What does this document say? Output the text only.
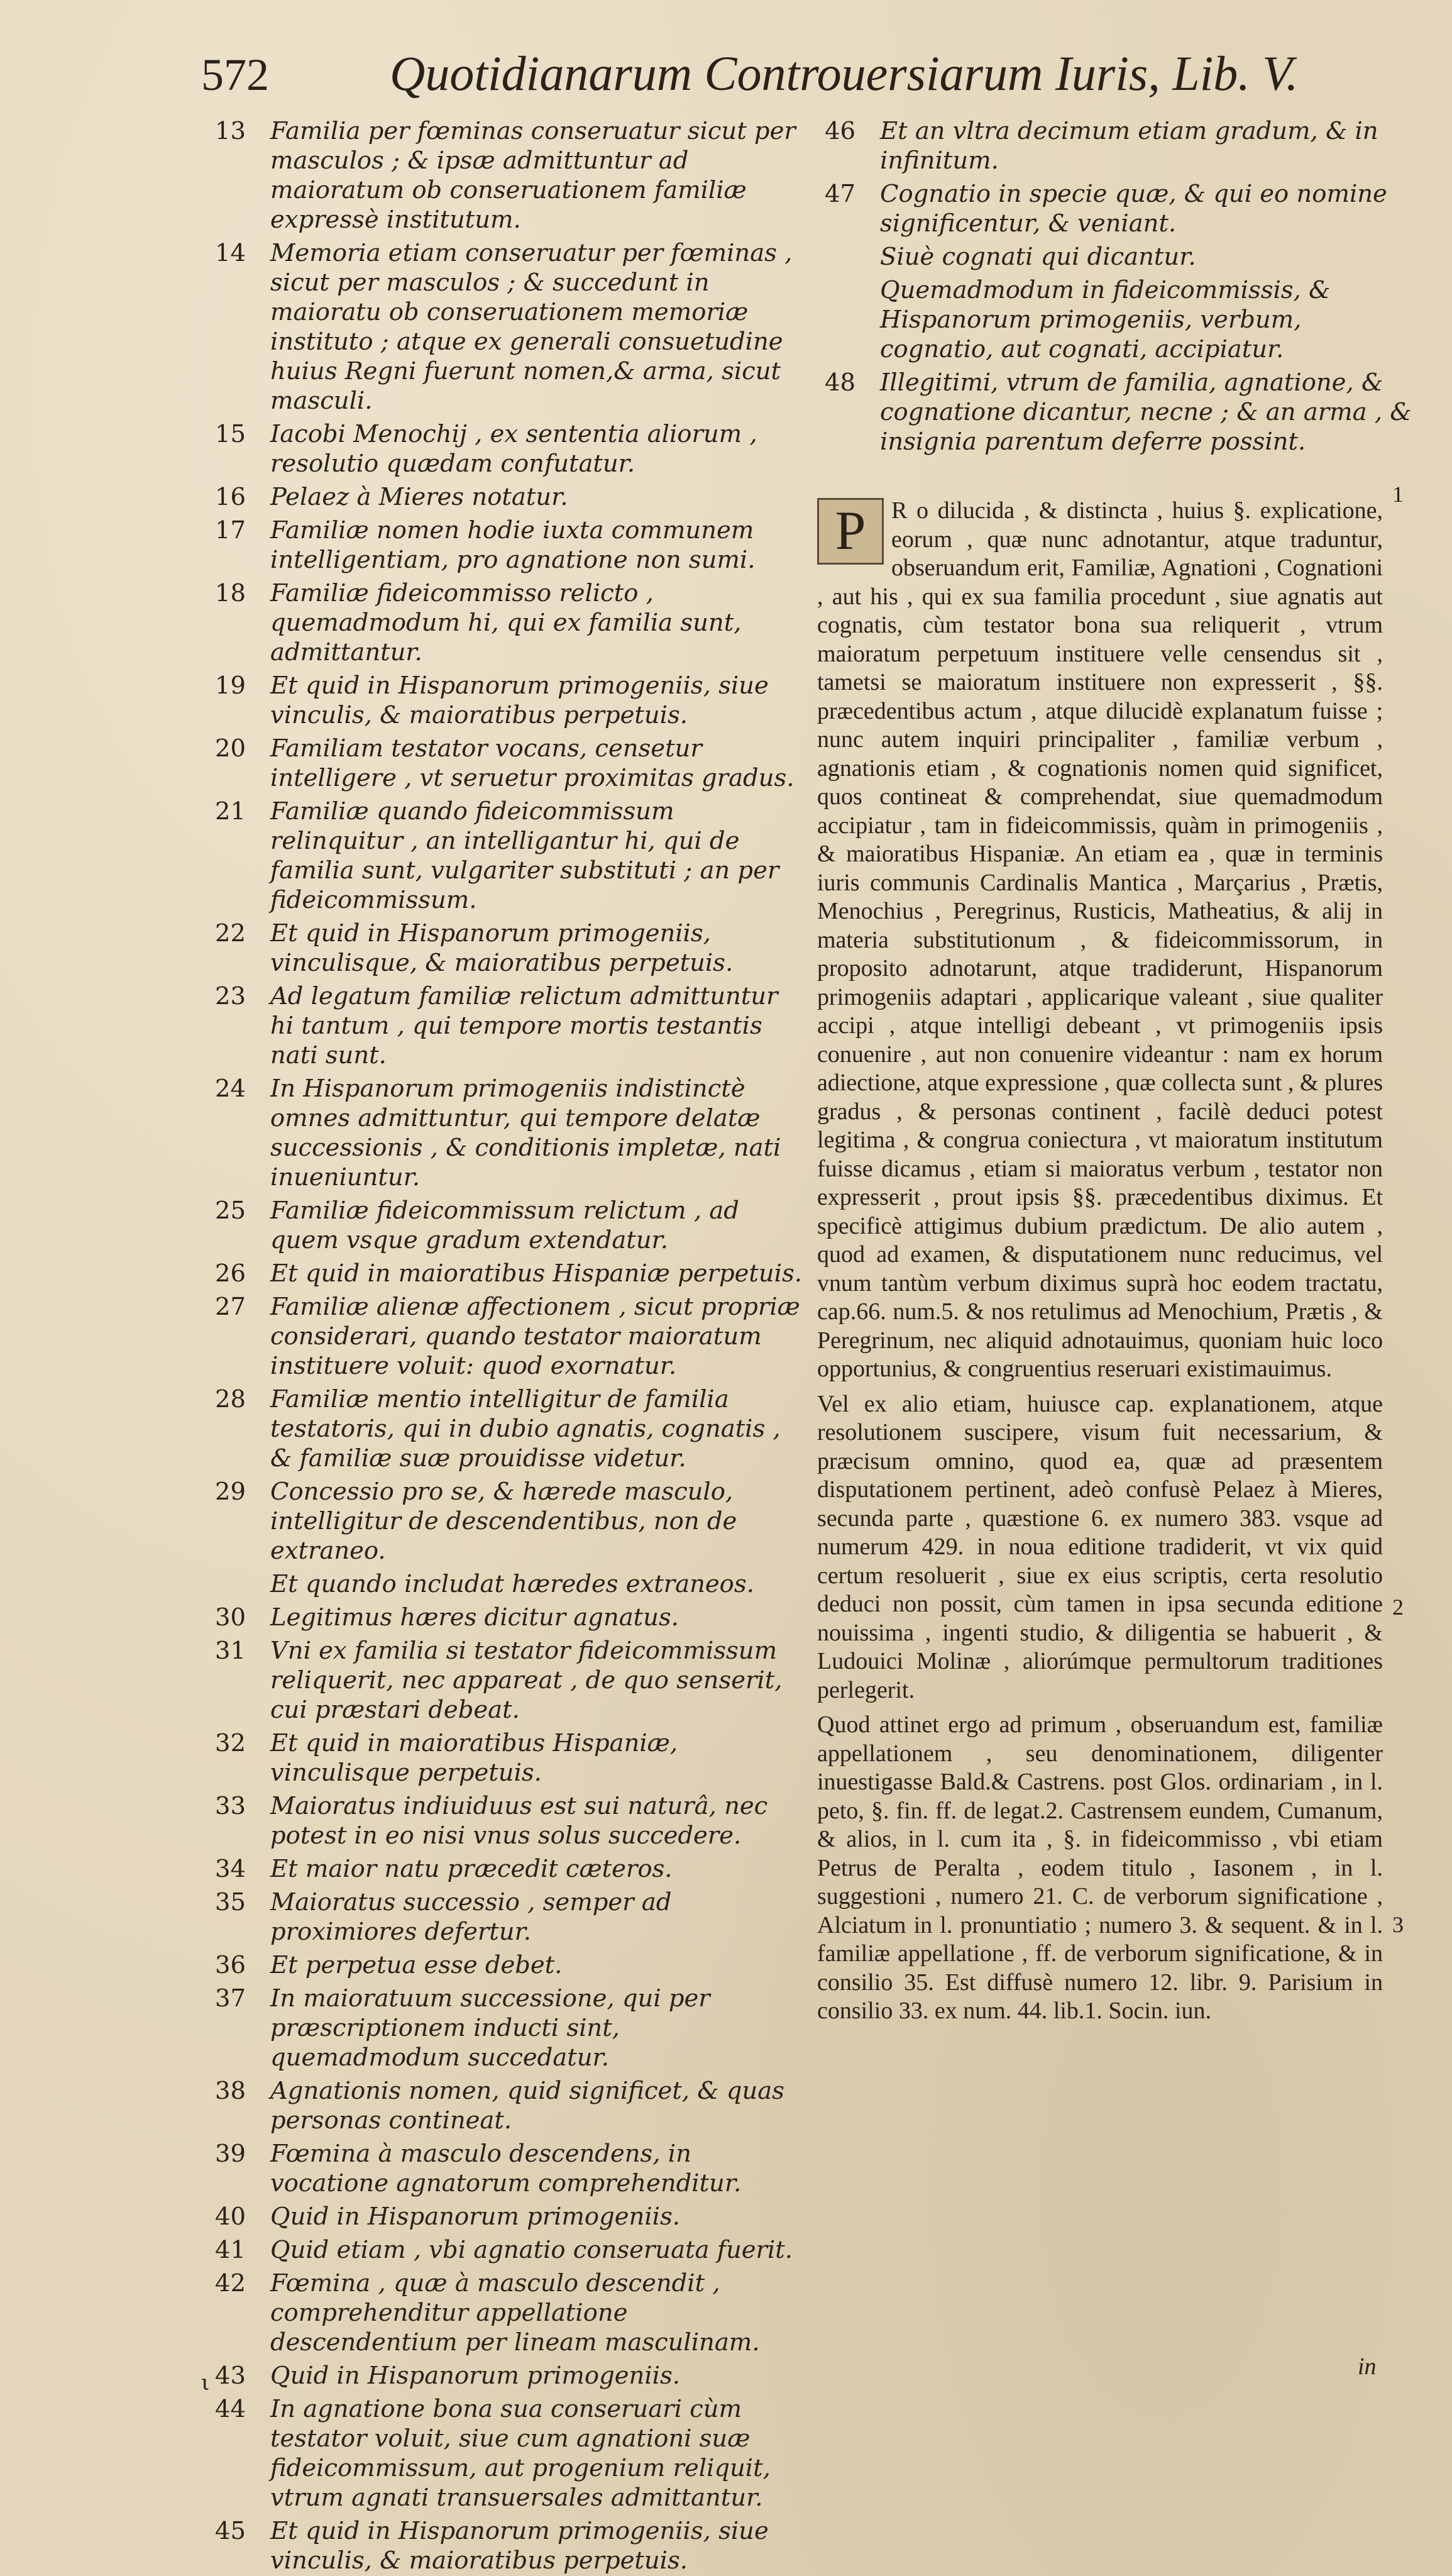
572 Quotidianarum Controuersiarum Iuris, Lib. V.
13 Familia per fœminas conseruatur sicut per masculos ; & ipsæ admittuntur ad maioratum ob conseruationem familiæ expressè institutum.
14 Memoria etiam conseruatur per fœminas , sicut per masculos ; & succedunt in maioratu ob conseruationem memoriæ instituto ; atque ex generali consuetudine huius Regni fuerunt nomen,& arma, sicut masculi.
15 Iacobi Menochij , ex sententia aliorum , resolutio quædam confutatur.
16 Pelaez à Mieres notatur.
17 Familiæ nomen hodie iuxta communem intelligentiam, pro agnatione non sumi.
18 Familiæ fideicommisso relicto , quemadmodum hi, qui ex familia sunt, admittantur.
19 Et quid in Hispanorum primogeniis, siue vinculis, & maioratibus perpetuis.
20 Familiam testator vocans, censetur intelligere , vt seruetur proximitas gradus.
21 Familiæ quando fideicommissum relinquitur , an intelligantur hi, qui de familia sunt, vulgariter substituti ; an per fideicommissum.
22 Et quid in Hispanorum primogeniis, vinculisque, & maioratibus perpetuis.
23 Ad legatum familiæ relictum admittuntur hi tantum , qui tempore mortis testantis nati sunt.
24 In Hispanorum primogeniis indistinctè omnes admittuntur, qui tempore delatæ successionis , & conditionis impletæ, nati inueniuntur.
25 Familiæ fideicommissum relictum , ad quem vsque gradum extendatur.
26 Et quid in maioratibus Hispaniæ perpetuis.
27 Familiæ alienæ affectionem , sicut propriæ considerari, quando testator maioratum instituere voluit: quod exornatur.
28 Familiæ mentio intelligitur de familia testatoris, qui in dubio agnatis, cognatis , & familiæ suæ prouidisse videtur.
29 Concessio pro se, & hærede masculo, intelligitur de descendentibus, non de extraneo.
Et quando includat hæredes extraneos.
30 Legitimus hæres dicitur agnatus.
31 Vni ex familia si testator fideicommissum reliquerit, nec appareat , de quo senserit, cui præstari debeat.
32 Et quid in maioratibus Hispaniæ, vinculisque perpetuis.
33 Maioratus indiuiduus est sui naturâ, nec potest in eo nisi vnus solus succedere.
34 Et maior natu præcedit cæteros.
35 Maioratus successio , semper ad proximiores defertur.
36 Et perpetua esse debet.
37 In maioratuum successione, qui per præscriptionem inducti sint, quemadmodum succedatur.
38 Agnationis nomen, quid significet, & quas personas contineat.
39 Fœmina à masculo descendens, in vocatione agnatorum comprehenditur.
40 Quid in Hispanorum primogeniis.
41 Quid etiam , vbi agnatio conseruata fuerit.
42 Fœmina , quæ à masculo descendit , comprehenditur appellatione descendentium per lineam masculinam.
43 Quid in Hispanorum primogeniis.
44 In agnatione bona sua conseruari cùm testator voluit, siue cum agnationi suæ fideicommissum, aut progenium reliquit, vtrum agnati transuersales admittantur.
45 Et quid in Hispanorum primogeniis, siue vinculis, & maioratibus perpetuis.
46 Et an vltra decimum etiam gradum, & in infinitum.
47 Cognatio in specie quæ, & qui eo nomine significentur, & veniant.
Siuè cognati qui dicantur.
Quemadmodum in fideicommissis, & Hispanorum primogeniis, verbum, cognatio, aut cognati, accipiatur.
48 Illegitimi, vtrum de familia, agnatione, & cognatione dicantur, necne ; & an arma , & insignia parentum deferre possint.

P	R o dilucida , & distincta , huius §. explicatione, eorum , quæ nunc adnotantur, atque traduntur, obseruandum erit, Familiæ, Agnationi , Cognationi , aut his , qui ex sua familia procedunt , siue agnatis aut cognatis, cùm testator bona sua reliquerit , vtrum maioratum perpetuum instituere velle censendus sit , tametsi se maioratum instituere non expresserit , §§. præcedentibus actum , atque dilucidè explanatum fuisse ; nunc autem inquiri principaliter , familiæ verbum , agnationis etiam , & cognationis nomen quid significet, quos contineat & comprehendat, siue quemadmodum accipiatur , tam in fideicommissis, quàm in primogeniis , & maioratibus Hispaniæ. An etiam ea , quæ in terminis iuris communis Cardinalis Mantica , Marçarius , Prætis, Menochius , Peregrinus, Rusticis, Matheatius, & alij in materia substitutionum , & fideicommissorum, in proposito adnotarunt, atque tradiderunt, Hispanorum primogeniis adaptari , applicarique valeant , siue qualiter accipi , atque intelligi debeant , vt primogeniis ipsis conuenire , aut non conuenire videantur : nam ex horum adiectione, atque expressione , quæ collecta sunt , & plures gradus , & personas continent , facilè deduci potest legitima , & congrua coniectura , vt maioratum institutum fuisse dicamus , etiam si maioratus verbum , testator non expresserit , prout ipsis §§. præcedentibus diximus. Et specificè attigimus dubium prædictum. De alio autem , quod ad examen, & disputationem nunc reducimus, vel vnum tantùm verbum diximus suprà hoc eodem tractatu, cap.66. num.5. & nos retulimus ad Menochium, Prætis , & Peregrinum, nec aliquid adnotauimus, quoniam huic loco opportunius, & congruentius reseruari existimauimus.

Vel ex alio etiam, huiusce cap. explanationem, atque resolutionem suscipere, visum fuit necessarium, & præcisum omnino, quod ea, quæ ad præsentem disputationem pertinent, adeò confusè Pelaez à Mieres, secunda parte , quæstione 6. ex numero 383. vsque ad numerum 429. in noua editione tradiderit, vt vix quid certum resoluerit , siue ex eius scriptis, certa resolutio deduci non possit, cùm tamen in ipsa secunda editione nouissima , ingenti studio, & diligentia se habuerit , & Ludouici Molinæ , aliorúmque permultorum traditiones perlegerit.

Quod attinet ergo ad primum , obseruandum est, familiæ appellationem , seu denominationem, diligenter inuestigasse Bald.& Castrens. post Glos. ordinariam , in l. peto, §. fin. ff. de legat.2. Castrensem eundem, Cumanum, & alios, in l. cum ita , §. in fideicommisso , vbi etiam Petrus de Peralta , eodem titulo , Iasonem , in l. suggestioni , numero 21. C. de verborum significatione , Alciatum in l. pronuntiatio ; numero 3. & sequent. & in l. familiæ appellatione , ff. de verborum significatione, & in consilio 35. Est diffusè numero 12. libr. 9. Parisium in consilio 33. ex num. 44. lib.1. Socin. iun.

1
2
3
in
ι
